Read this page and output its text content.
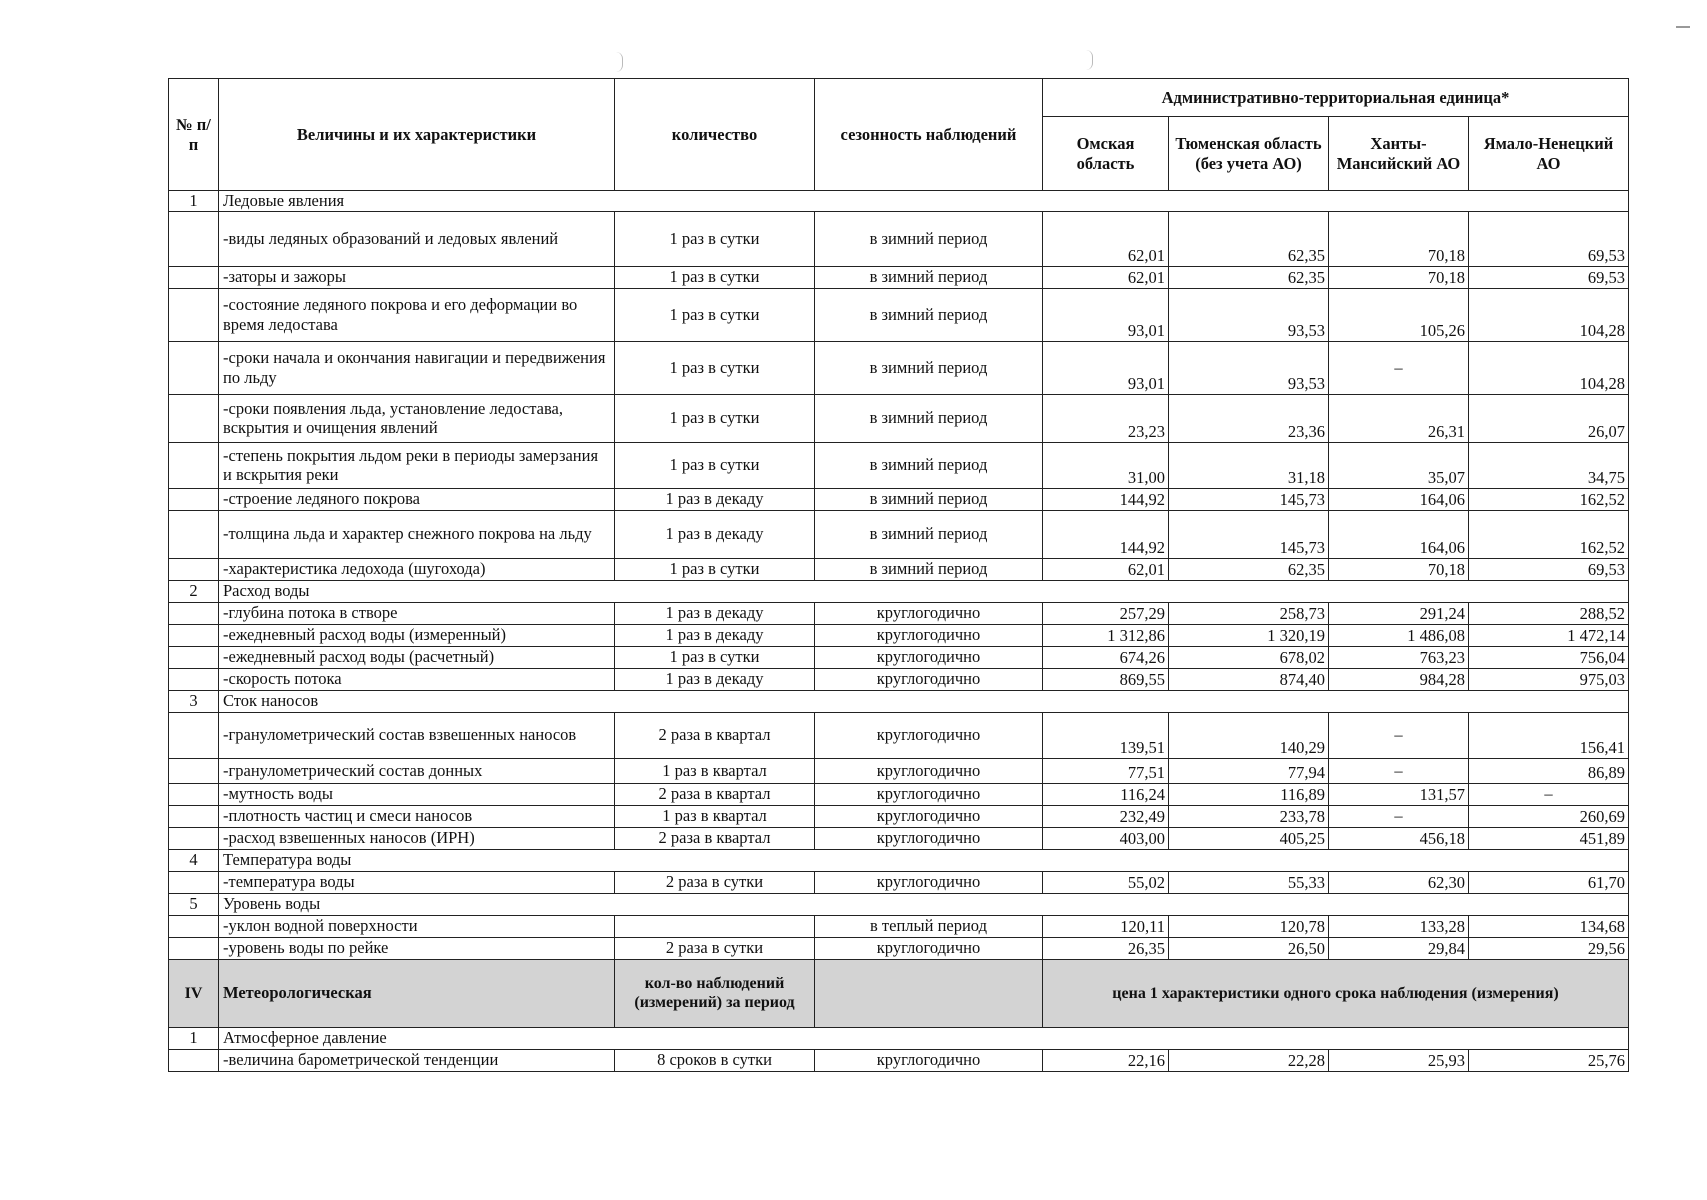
№ п/п	Величины и их характеристики	количество	сезонность наблюдений	Административно-территориальная единица*			
				Омская область	Тюменская область (без учета АО)	Ханты-Мансийский АО	Ямало-Ненецкий АО
1	Ледовые явления						
	-виды ледяных образований и ледовых явлений	1 раз в сутки	в зимний период	62,01	62,35	70,18	69,53
	-заторы и зажоры	1 раз в сутки	в зимний период	62,01	62,35	70,18	69,53
	-состояние ледяного покрова и его деформации во время ледостава	1 раз в сутки	в зимний период	93,01	93,53	105,26	104,28
	-сроки начала и окончания навигации и передвижения по льду	1 раз в сутки	в зимний период	93,01	93,53	–	104,28
	-сроки появления льда, установление ледостава, вскрытия и очищения явлений	1 раз в сутки	в зимний период	23,23	23,36	26,31	26,07
	-степень покрытия льдом реки в периоды замерзания и вскрытия реки	1 раз в сутки	в зимний период	31,00	31,18	35,07	34,75
	-строение ледяного покрова	1 раз в декаду	в зимний период	144,92	145,73	164,06	162,52
	-толщина льда и характер снежного покрова на льду	1 раз в декаду	в зимний период	144,92	145,73	164,06	162,52
	-характеристика ледохода (шугохода)	1 раз в сутки	в зимний период	62,01	62,35	70,18	69,53
2	Расход воды						
	-глубина потока в створе	1 раз в декаду	круглогодично	257,29	258,73	291,24	288,52
	-ежедневный расход воды (измеренный)	1 раз в декаду	круглогодично	1 312,86	1 320,19	1 486,08	1 472,14
	-ежедневный расход воды (расчетный)	1 раз в сутки	круглогодично	674,26	678,02	763,23	756,04
	-скорость потока	1 раз в декаду	круглогодично	869,55	874,40	984,28	975,03
3	Сток наносов						
	-гранулометрический состав взвешенных наносов	2 раза в квартал	круглогодично	139,51	140,29	–	156,41
	-гранулометрический состав донных	1 раз в квартал	круглогодично	77,51	77,94	–	86,89
	-мутность воды	2 раза в квартал	круглогодично	116,24	116,89	131,57	–
	-плотность частиц и смеси наносов	1 раз в квартал	круглогодично	232,49	233,78	–	260,69
	-расход взвешенных наносов (ИРН)	2 раза в квартал	круглогодично	403,00	405,25	456,18	451,89
4	Температура воды						
	-температура воды	2 раза в сутки	круглогодично	55,02	55,33	62,30	61,70
5	Уровень воды						
	-уклон водной поверхности		в теплый период	120,11	120,78	133,28	134,68
	-уровень воды по рейке	2 раза в сутки	круглогодично	26,35	26,50	29,84	29,56
IV	Метеорологическая	кол-во наблюдений (измерений) за период		цена 1 характеристики одного срока наблюдения (измерения)			
1	Атмосферное давление						
	-величина барометрической тенденции	8 сроков в сутки	круглогодично	22,16	22,28	25,93	25,76
